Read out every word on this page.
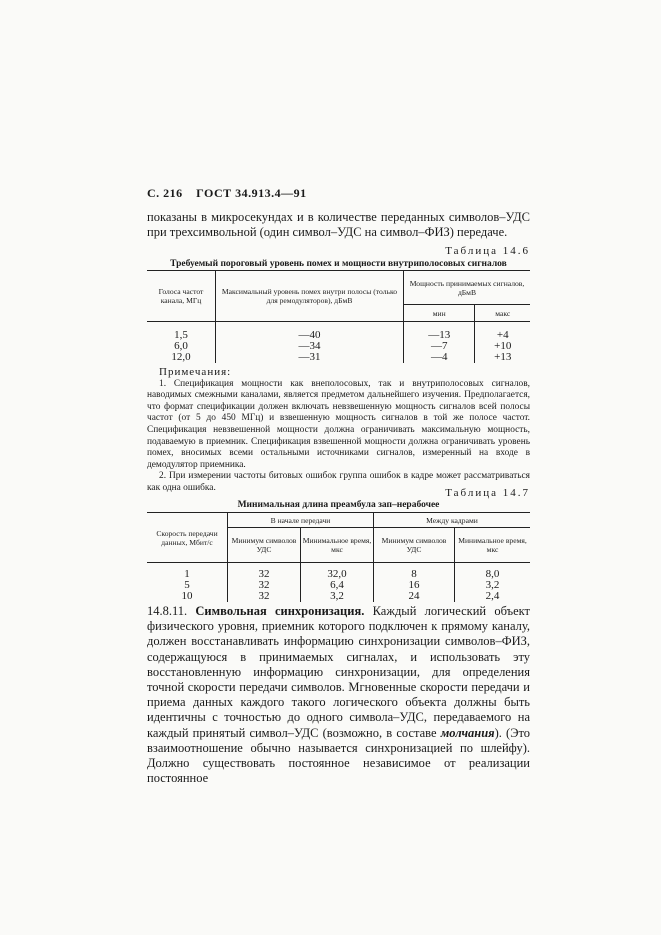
С. 216 ГОСТ 34.913.4—91
показаны в микросекундах и в количестве переданных символов–УДС при трехсимвольной (один символ–УДС на символ–ФИЗ) передаче.
Таблица 14.6
Требуемый пороговый уровень помех и мощности внутриполосовых сигналов
Голоса частот канала, МГц	Максимальный уровень помех внутри полосы (только для ремодуляторов), дБмВ	Мощность принимаемых сигналов, дБмВ	
		мин	макс

1,5	—40	—13	+4
6,0	—34	—7	+10
12,0	—31	—4	+13
Примечания:
1. Спецификация мощности как внеполосовых, так и внутриполосовых сигналов, наводимых смежными каналами, является предметом дальнейшего изучения. Предполагается, что формат спецификации должен включать невзвешенную мощность сигналов всей полосы частот (от 5 до 450 МГц) и взвешенную мощность сигналов в той же полосе частот. Спецификация невзвешенной мощности должна ограничивать максимальную мощность, подаваемую в приемник. Спецификация взвешенной мощности должна ограничивать уровень помех, вносимых всеми остальными источниками сигналов, измеренный на входе в демодулятор приемника.
2. При измерении частоты битовых ошибок группа ошибок в кадре может рассматриваться как одна ошибка.	Таблица 14.7
Минимальная длина преамбула зап–нерабочее
Скорость передачи данных, Мбит/с	В начале передачи		Между кадрами	
	Минимум символов УДС	Минимальное время, мкс	Минимум символов УДС	Минимальное время, мкс

1	32	32,0	8	8,0
5	32	6,4	16	3,2
10	32	3,2	24	2,4
14.8.11. Символьная синхронизация. Каждый логический объект физического уровня, приемник которого подключен к прямому каналу, должен восстанавливать информацию синхронизации символов–ФИЗ, содержащуюся в принимаемых сигналах, и использовать эту восстановленную информацию синхронизации, для определения точной скорости передачи символов. Мгновенные скорости передачи и приема данных каждого такого логического объекта должны быть идентичны с точностью до одного символа–УДС, передаваемого на каждый принятый символ–УДС (возможно, в составе молчания). (Это взаимоотношение обычно называется синхронизацией по шлейфу). Должно существовать постоянное независимое от реализации постоянное
